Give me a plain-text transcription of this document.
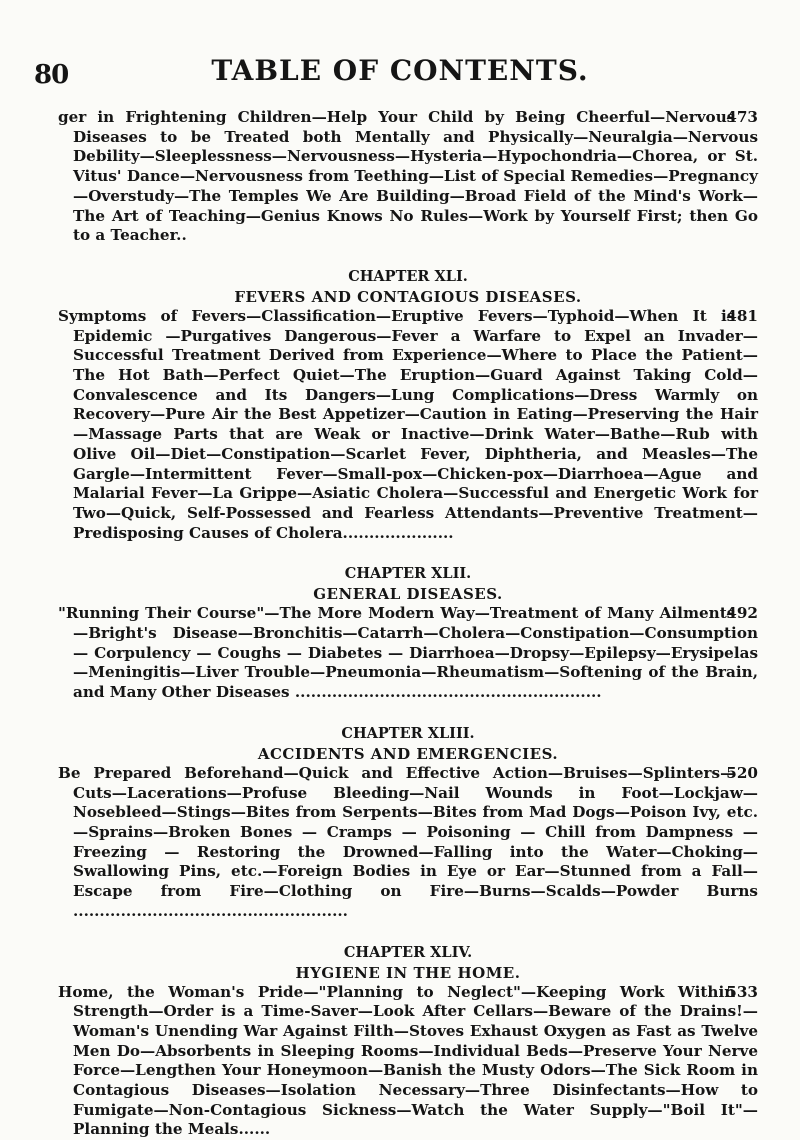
80	TABLE OF CONTENTS.

473
ger in Frightening Children—Help Your Child by Being Cheerful—Nervous Diseases to be Treated both Mentally and Physically—Neuralgia—Nervous Debility—Sleeplessness—Nervousness—Hysteria—Hypochondria—Chorea, or St. Vitus' Dance—Nervousness from Teething—List of Special Remedies—Pregnancy—Overstudy—The Temples We Are Building—Broad Field of the Mind's Work—The Art of Teaching—Genius Knows No Rules—Work by Yourself First; then Go to a Teacher..

CHAPTER XLI.

FEVERS AND CONTAGIOUS DISEASES.

481
Symptoms of Fevers—Classification—Eruptive Fevers—Typhoid—When It is Epidemic —Purgatives Dangerous—Fever a Warfare to Expel an Invader—Successful Treatment Derived from Experience—Where to Place the Patient—The Hot Bath—Perfect Quiet—The Eruption—Guard Against Taking Cold—Convalescence and Its Dangers—Lung Complications—Dress Warmly on Recovery—Pure Air the Best Appetizer—Caution in Eating—Preserving the Hair—Massage Parts that are Weak or Inactive—Drink Water—Bathe—Rub with Olive Oil—Diet—Constipation—Scarlet Fever, Diphtheria, and Measles—The Gargle—Intermittent Fever—Small-pox—Chicken-pox—Diarrhoea—Ague and Malarial Fever—La Grippe—Asiatic Cholera—Successful and Energetic Work for Two—Quick, Self-Possessed and Fearless Attendants—Preventive Treatment—Predisposing Causes of Cholera.....................

CHAPTER XLII.

GENERAL DISEASES.

492
"Running Their Course"—The More Modern Way—Treatment of Many Ailments—Bright's Disease—Bronchitis—Catarrh—Cholera—Constipation—Consumption — Corpulency — Coughs — Diabetes — Diarrhoea—Dropsy—Epilepsy—Erysipelas—Meningitis—Liver Trouble—Pneumonia—Rheumatism—Softening of the Brain, and Many Other Diseases ..........................................................

CHAPTER XLIII.

ACCIDENTS AND EMERGENCIES.

520
Be Prepared Beforehand—Quick and Effective Action—Bruises—Splinters—Cuts—Lacerations—Profuse Bleeding—Nail Wounds in Foot—Lockjaw—Nosebleed—Stings—Bites from Serpents—Bites from Mad Dogs—Poison Ivy, etc.—Sprains—Broken Bones — Cramps — Poisoning — Chill from Dampness — Freezing — Restoring the Drowned—Falling into the Water—Choking—Swallowing Pins, etc.—Foreign Bodies in Eye or Ear—Stunned from a Fall—Escape from Fire—Clothing on Fire—Burns—Scalds—Powder Burns ....................................................

CHAPTER XLIV.

HYGIENE IN THE HOME.

533
Home, the Woman's Pride—"Planning to Neglect"—Keeping Work Within Strength—Order is a Time-Saver—Look After Cellars—Beware of the Drains!—Woman's Unending War Against Filth—Stoves Exhaust Oxygen as Fast as Twelve Men Do—Absorbents in Sleeping Rooms—Individual Beds—Preserve Your Nerve Force—Lengthen Your Honeymoon—Banish the Musty Odors—The Sick Room in Contagious Diseases—Isolation Necessary—Three Disinfectants—How to Fumigate—Non-Contagious Sickness—Watch the Water Supply—"Boil It"—Planning the Meals......
